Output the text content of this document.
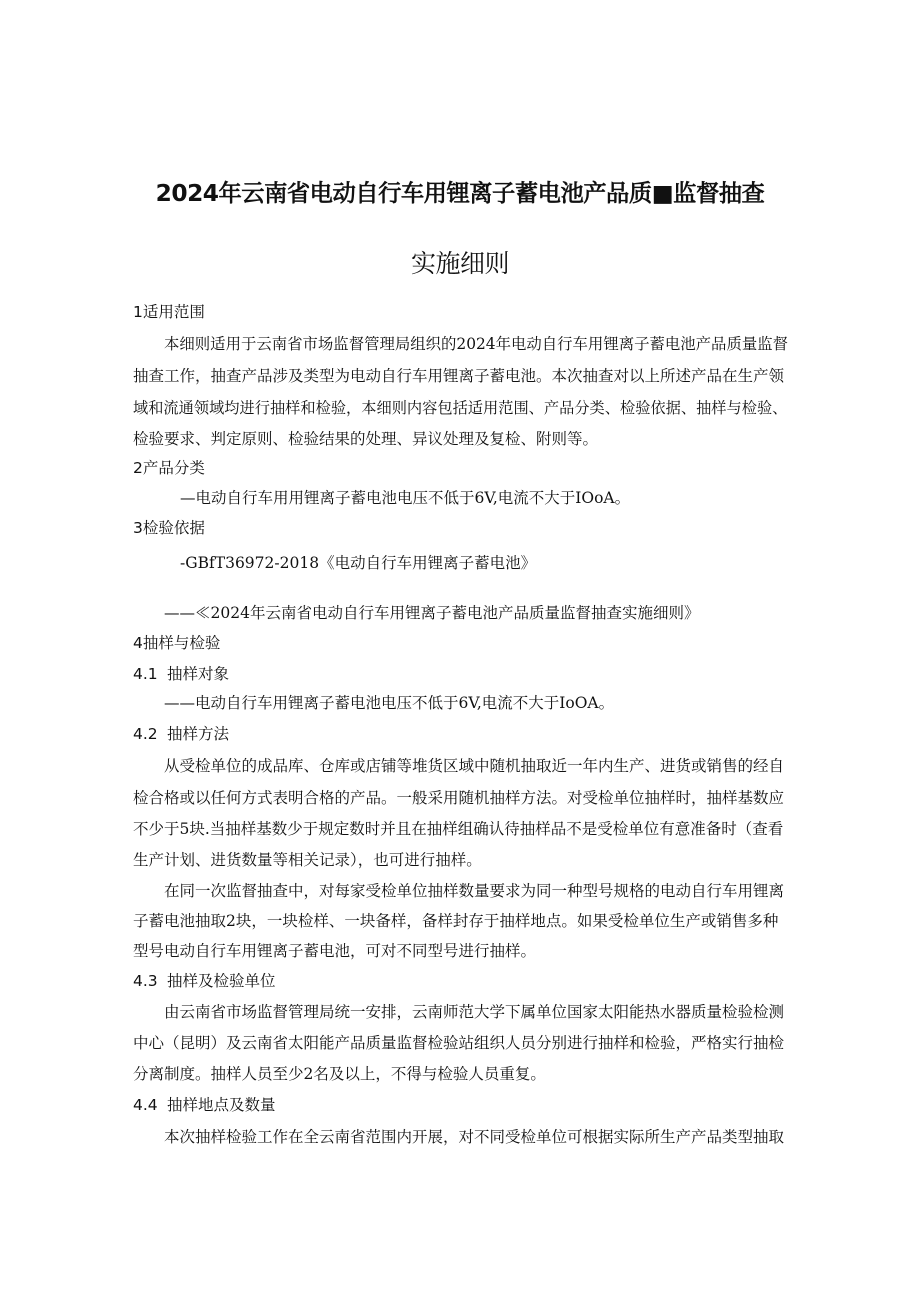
2024年云南省电动自行车用锂离子蓄电池产品质■监督抽查
实施细则
1适用范围
本细则适用于云南省市场监督管理局组织的2024年电动自行车用锂离子蓄电池产品质量监督
抽查工作，抽查产品涉及类型为电动自行车用锂离子蓄电池。本次抽查对以上所述产品在生产领
域和流通领域均进行抽样和检验，本细则内容包括适用范围、产品分类、检验依据、抽样与检验、
检验要求、判定原则、检验结果的处理、异议处理及复检、附则等。
2产品分类
—电动自行车用用锂离子蓄电池电压不低于6V,电流不大于IOoA。
3检验依据
-GBfT36972-2018《电动自行车用锂离子蓄电池》
——≪2024年云南省电动自行车用锂离子蓄电池产品质量监督抽查实施细则》
4抽样与检验
4.1 抽样对象
——电动自行车用锂离子蓄电池电压不低于6V,电流不大于IoOA。
4.2 抽样方法
从受检单位的成品库、仓库或店铺等堆货区域中随机抽取近一年内生产、进货或销售的经自
检合格或以任何方式表明合格的产品。一般采用随机抽样方法。对受检单位抽样时，抽样基数应
不少于5块.当抽样基数少于规定数时并且在抽样组确认待抽样品不是受检单位有意准备时（查看
生产计划、进货数量等相关记录），也可进行抽样。
在同一次监督抽查中，对每家受检单位抽样数量要求为同一种型号规格的电动自行车用锂离
子蓄电池抽取2块，一块检样、一块备样，备样封存于抽样地点。如果受检单位生产或销售多种
型号电动自行车用锂离子蓄电池，可对不同型号进行抽样。
4.3 抽样及检验单位
由云南省市场监督管理局统一安排，云南师范大学下属单位国家太阳能热水器质量检验检测
中心（昆明）及云南省太阳能产品质量监督检验站组织人员分别进行抽样和检验，严格实行抽检
分离制度。抽样人员至少2名及以上，不得与检验人员重复。
4.4 抽样地点及数量
本次抽样检验工作在全云南省范围内开展，对不同受检单位可根据实际所生产产品类型抽取
